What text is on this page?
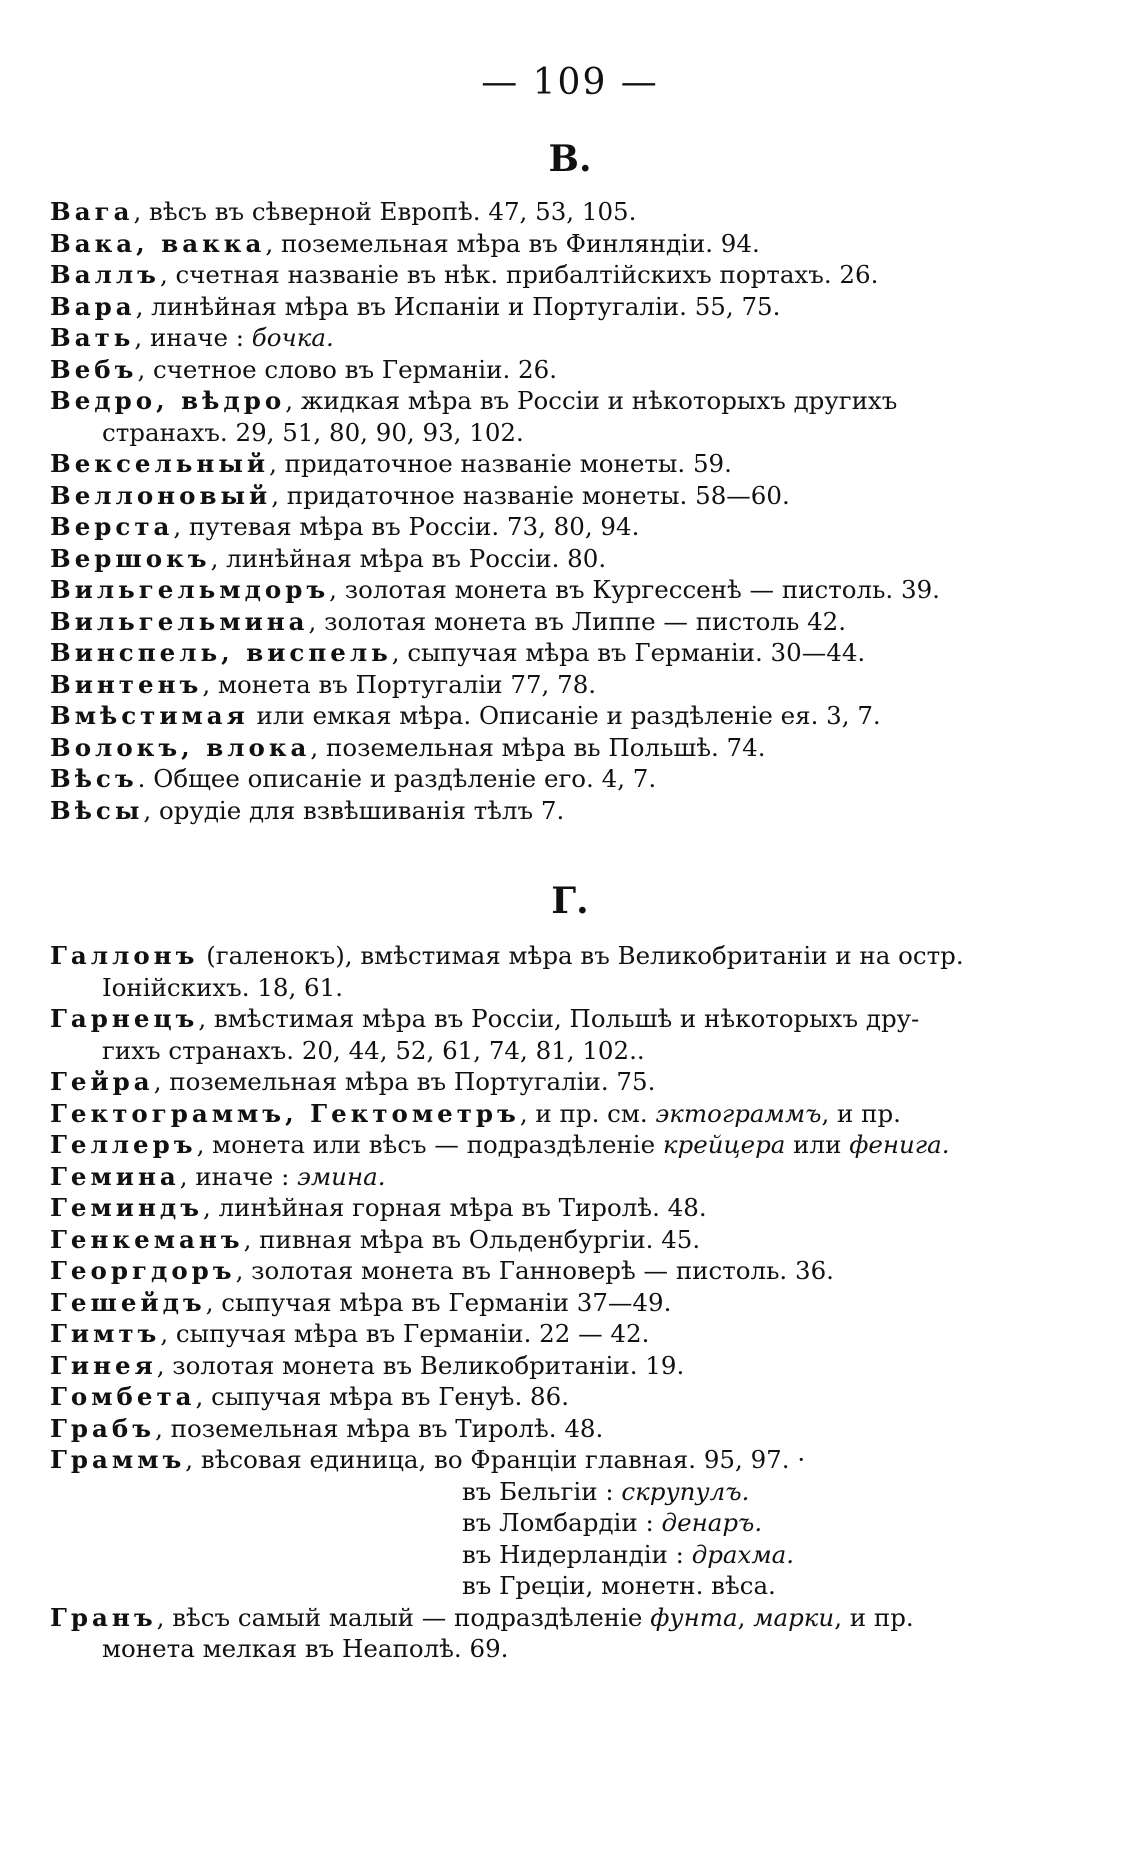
— 109 —
В.
Вага, вѣсъ въ сѣверной Европѣ. 47, 53, 105.
Вака, вакка, поземельная мѣра въ Финляндіи. 94.
Валлъ, счетная названіе въ нѣк. прибалтійскихъ портахъ. 26.
Вара, линѣйная мѣра въ Испаніи и Португаліи. 55, 75.
Вать, иначе : бочка.
Вебъ, счетное слово въ Германіи. 26.
Ведро, вѣдро, жидкая мѣра въ Россіи и нѣкоторыхъ другихъ
странахъ. 29, 51, 80, 90, 93, 102.
Вексельный, придаточное названіе монеты. 59.
Веллоновый, придаточное названіе монеты. 58—60.
Верста, путевая мѣра въ Россіи. 73, 80, 94.
Вершокъ, линѣйная мѣра въ Россіи. 80.
Вильгельмдоръ, золотая монета въ Кургессенѣ — пистоль. 39.
Вильгельмина, золотая монета въ Липпе — пистоль 42.
Винспель, виспель, сыпучая мѣра въ Германіи. 30—44.
Винтенъ, монета въ Португаліи 77, 78.
Вмѣстимая или емкая мѣра. Описаніе и раздѣленіе ея. 3, 7.
Волокъ, влока, поземельная мѣра вь Польшѣ. 74.
Вѣсъ. Общее описаніе и раздѣленіе его. 4, 7.
Вѣсы, орудіе для взвѣшиванія тѣлъ 7.
Г.
Галлонъ (галенокъ), вмѣстимая мѣра въ Великобританіи и на остр.
Іонійскихъ. 18, 61.
Гарнецъ, вмѣстимая мѣра въ Россіи, Польшѣ и нѣкоторыхъ дру-
гихъ странахъ. 20, 44, 52, 61, 74, 81, 102..
Гейра, поземельная мѣра въ Португаліи. 75.
Гектограммъ, Гектометръ, и пр. см. эктограммъ, и пр.
Геллеръ, монета или вѣсъ — подраздѣленіе крейцера или фенига.
Гемина, иначе : эмина.
Геминдъ, линѣйная горная мѣра въ Тиролѣ. 48.
Генкеманъ, пивная мѣра въ Ольденбургіи. 45.
Георгдоръ, золотая монета въ Ганноверѣ — пистоль. 36.
Гешейдъ, сыпучая мѣра въ Германіи 37—49.
Гимтъ, сыпучая мѣра въ Германіи. 22 — 42.
Гинея, золотая монета въ Великобританіи. 19.
Гомбета, сыпучая мѣра въ Генуѣ. 86.
Грабъ, поземельная мѣра въ Тиролѣ. 48.
Граммъ, вѣсовая единица, во Франціи главная. 95, 97. ·
въ Бельгіи : скрупулъ.
въ Ломбардіи : денаръ.
въ Нидерландіи : драхма.
въ Греціи, монетн. вѣса.
Гранъ, вѣсъ самый малый — подраздѣленіе фунта, марки, и пр.
монета мелкая въ Неаполѣ. 69.
